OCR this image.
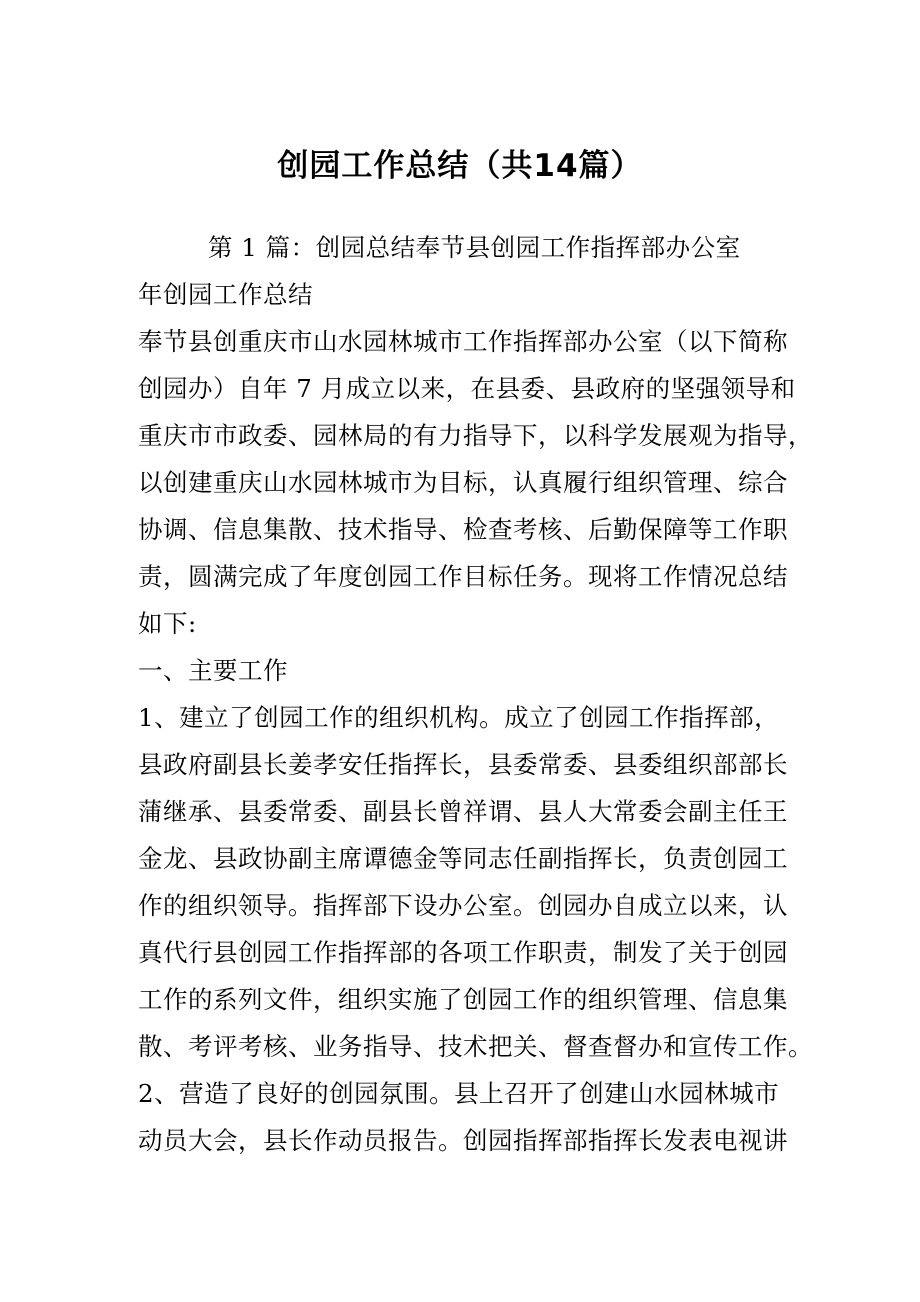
创园工作总结（共14篇）
第 1 篇：创园总结奉节县创园工作指挥部办公室
年创园工作总结
奉节县创重庆市山水园林城市工作指挥部办公室（以下简称
创园办）自年 7 月成立以来，在县委、县政府的坚强领导和
重庆市市政委、园林局的有力指导下，以科学发展观为指导，
以创建重庆山水园林城市为目标，认真履行组织管理、综合
协调、信息集散、技术指导、检查考核、后勤保障等工作职
责，圆满完成了年度创园工作目标任务。现将工作情况总结
如下:
一、主要工作
1、建立了创园工作的组织机构。成立了创园工作指挥部，
县政府副县长姜孝安任指挥长，县委常委、县委组织部部长
蒲继承、县委常委、副县长曾祥谓、县人大常委会副主任王
金龙、县政协副主席谭德金等同志任副指挥长，负责创园工
作的组织领导。指挥部下设办公室。创园办自成立以来，认
真代行县创园工作指挥部的各项工作职责，制发了关于创园
工作的系列文件，组织实施了创园工作的组织管理、信息集
散、考评考核、业务指导、技术把关、督查督办和宣传工作。
2、营造了良好的创园氛围。县上召开了创建山水园林城市
动员大会，县长作动员报告。创园指挥部指挥长发表电视讲
